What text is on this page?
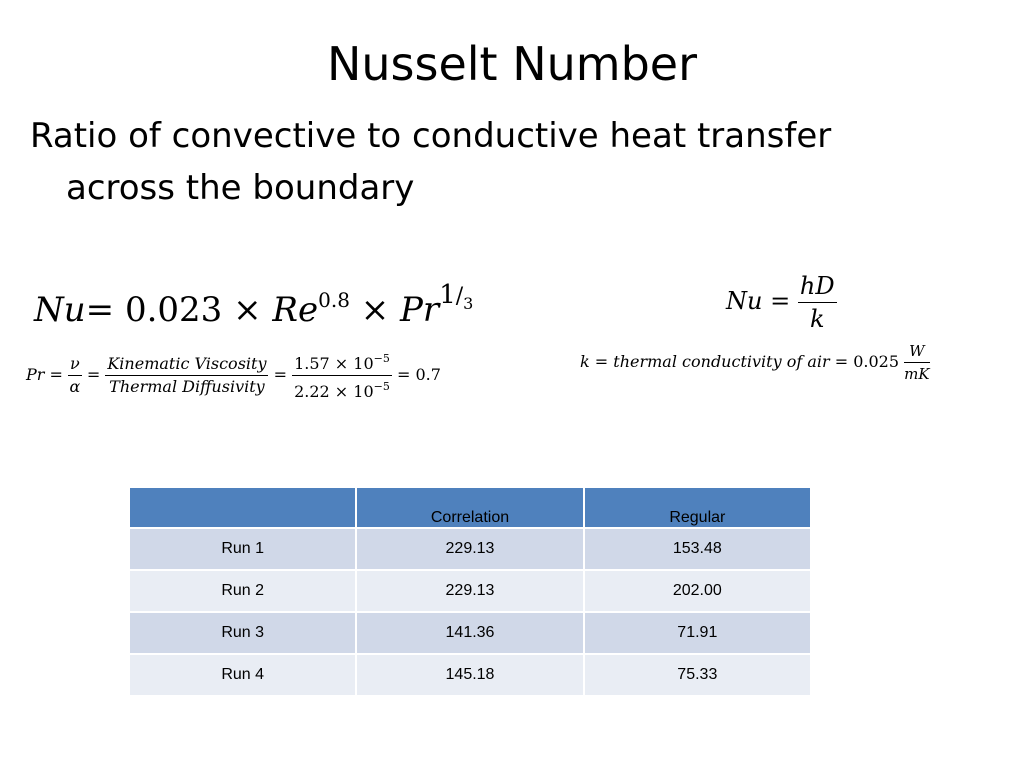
Nusselt Number
Ratio of convective to conductive heat transfer
across the boundary
$Nu= 0.023 \times Re^{0.8} \times Pr^{1/_3}$
$Pr = \frac{\nu}{\alpha} = \frac{\text{Kinematic Viscosity}}{\text{Thermal Diffusivity}} = \frac{1.57 \times 10^{-5}}{2.22 \times 10^{-5}} = 0.7$
$Nu = \frac{hD}{k}$
k = thermal conductivity of air = $0.025 \frac{W}{mK}$
	Correlation	Regular
Run 1	229.13	153.48
Run 2	229.13	202.00
Run 3	141.36	71.91
Run 4	145.18	75.33
